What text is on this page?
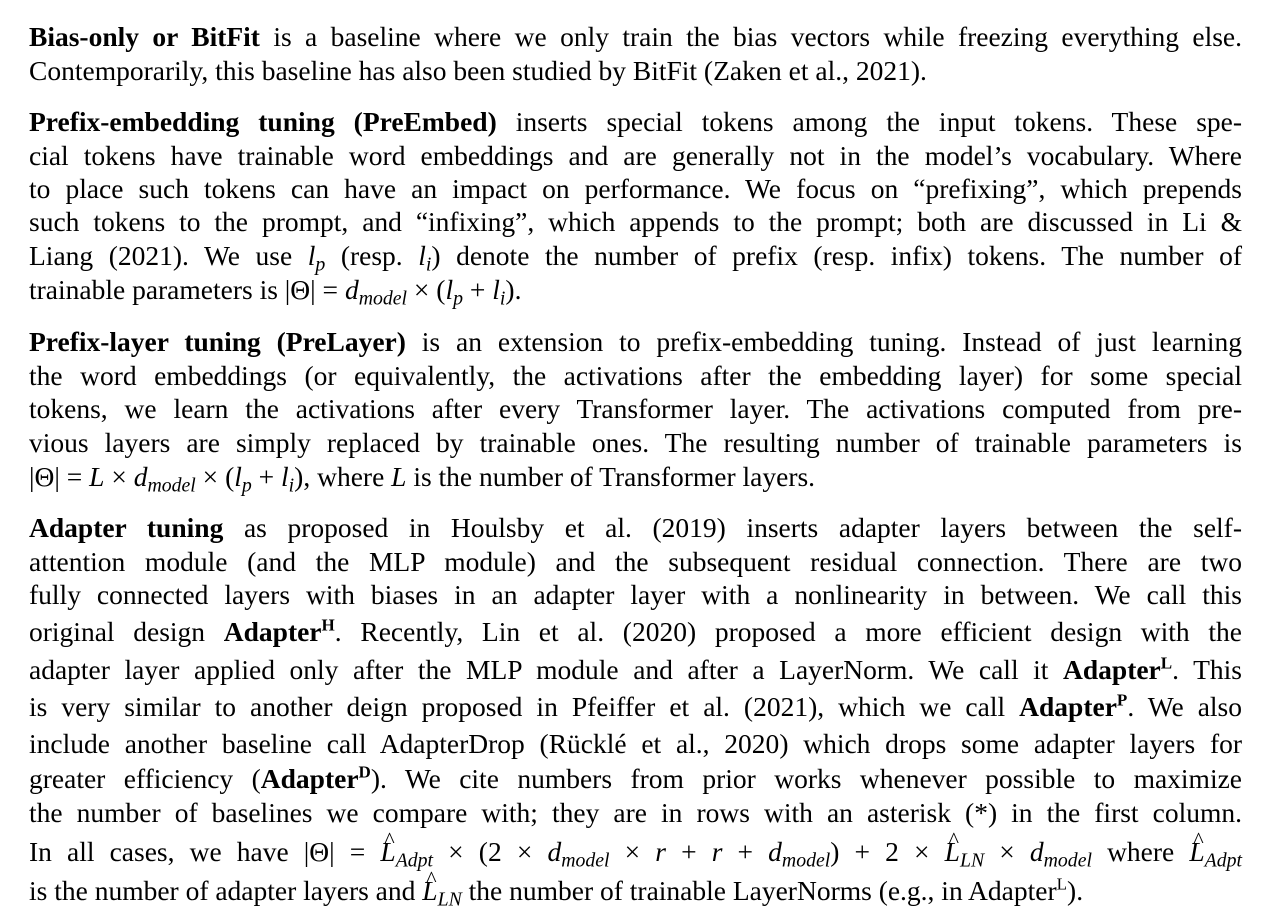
Bias-only or BitFit is a baseline where we only train the bias vectors while freezing everything else.
Contemporarily, this baseline has also been studied by BitFit (Zaken et al., 2021).
Prefix-embedding tuning (PreEmbed) inserts special tokens among the input tokens. These spe-
cial tokens have trainable word embeddings and are generally not in the model’s vocabulary. Where
to place such tokens can have an impact on performance. We focus on “prefixing”, which prepends
such tokens to the prompt, and “infixing”, which appends to the prompt; both are discussed in Li &
Liang (2021). We use $l_p$ (resp. $l_i$) denote the number of prefix (resp. infix) tokens. The number of
trainable parameters is $|\Theta| = d_{model} \times (l_p + l_i)$.
Prefix-layer tuning (PreLayer) is an extension to prefix-embedding tuning. Instead of just learning
the word embeddings (or equivalently, the activations after the embedding layer) for some special
tokens, we learn the activations after every Transformer layer. The activations computed from pre-
vious layers are simply replaced by trainable ones. The resulting number of trainable parameters is
$|\Theta| = L \times d_{model} \times (l_p + l_i)$, where L is the number of Transformer layers.
Adapter tuning as proposed in Houlsby et al. (2019) inserts adapter layers between the self-
attention module (and the MLP module) and the subsequent residual connection. There are two
fully connected layers with biases in an adapter layer with a nonlinearity in between. We call this
original design Adapter$^H$. Recently, Lin et al. (2020) proposed a more efficient design with the
adapter layer applied only after the MLP module and after a LayerNorm. We call it Adapter$^L$. This
is very similar to another deign proposed in Pfeiffer et al. (2021), which we call Adapter$^P$. We also
include another baseline call AdapterDrop (Rücklé et al., 2020) which drops some adapter layers for
greater efficiency (Adapter$^D$). We cite numbers from prior works whenever possible to maximize
the number of baselines we compare with; they are in rows with an asterisk (*) in the first column.
In all cases, we have |Θ| = ^ $L_{Adpt} \times (2 \times d_{model} \times r + r + d_{model}) + 2$ × ^ $L_{LN} \times d_{model}$ where ^ $L_{Adpt}$
is the number of adapter layers and ^ $L_{LN}$ the number of trainable LayerNorms (e.g., in Adapter$^L$).
